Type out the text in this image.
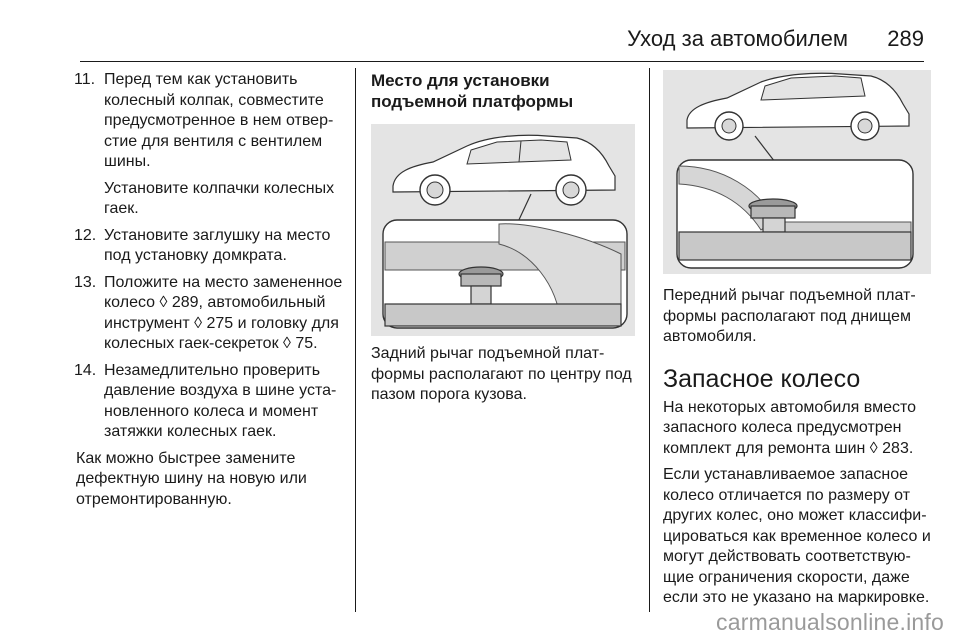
Уход за автомобилем 289
11. Перед тем как установить колесный колпак, совместите предусмотренное в нем отвер-стие для вентиля с вентилем шины.
Установите колпачки колесных гаек.
12. Установите заглушку на место под установку домкрата.
13. Положите на место замененное колесо ◊ 289, автомобильный инструмент ◊ 275 и головку для колесных гаек-секреток ◊ 75.
14. Незамедлительно проверить давление воздуха в шине уста-новленного колеса и момент затяжки колесных гаек.
Как можно быстрее замените дефектную шину на новую или отремонтированную.
Место для установки подъемной платформы
Задний рычаг подъемной плат-формы располагают по центру под пазом порога кузова.
Передний рычаг подъемной плат-формы располагают под днищем автомобиля.
Запасное колесо
На некоторых автомобиля вместо запасного колеса предусмотрен комплект для ремонта шин ◊ 283.
Если устанавливаемое запасное колесо отличается по размеру от других колес, оно может классифи-цироваться как временное колесо и могут действовать соответствую-щие ограничения скорости, даже если это не указано на маркировке.
carmanualsonline.info
